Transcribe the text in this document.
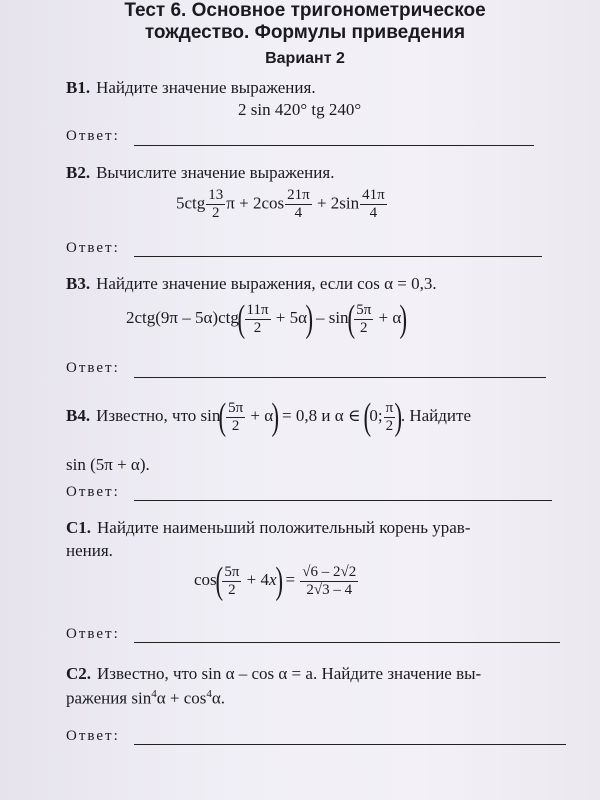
Тест 6. Основное тригонометрическое
тождество. Формулы приведения
Вариант 2
В1. Найдите значение выражения.
2 sin 420° tg 240°
Ответ:
В2. Вычислите значение выражения.
$5ctg \frac{13}{2}$ $\pi + 2\cos \frac{21\pi}{4} + 2\sin \frac{41\pi}{4}$
Ответ:
В3. Найдите значение выражения, если cos α = 0,3.
$2ctg(9\pi - 5\alpha)ctg( \frac{11\pi}{2} + 5\alpha) - \sin( \frac{5\pi}{2} + \alpha)$
Ответ:
В4. Известно, что $\sin( \frac{5\pi}{2} + \alpha) = 0,8$ и α ∈ (0; $\frac{\pi}{2}$ ). Найдите
sin (5π + α).
Ответ:
С1. Найдите наименьший положительный корень урав-
нения.
$\cos( \frac{5\pi}{2} + 4x) = \frac{√6 - 2√2}{2√3 - 4}$
Ответ:
С2. Известно, что sin α – cos α = a. Найдите значение вы-
ражения $\sin^4\alpha + \cos^4\alpha$.
Ответ:
